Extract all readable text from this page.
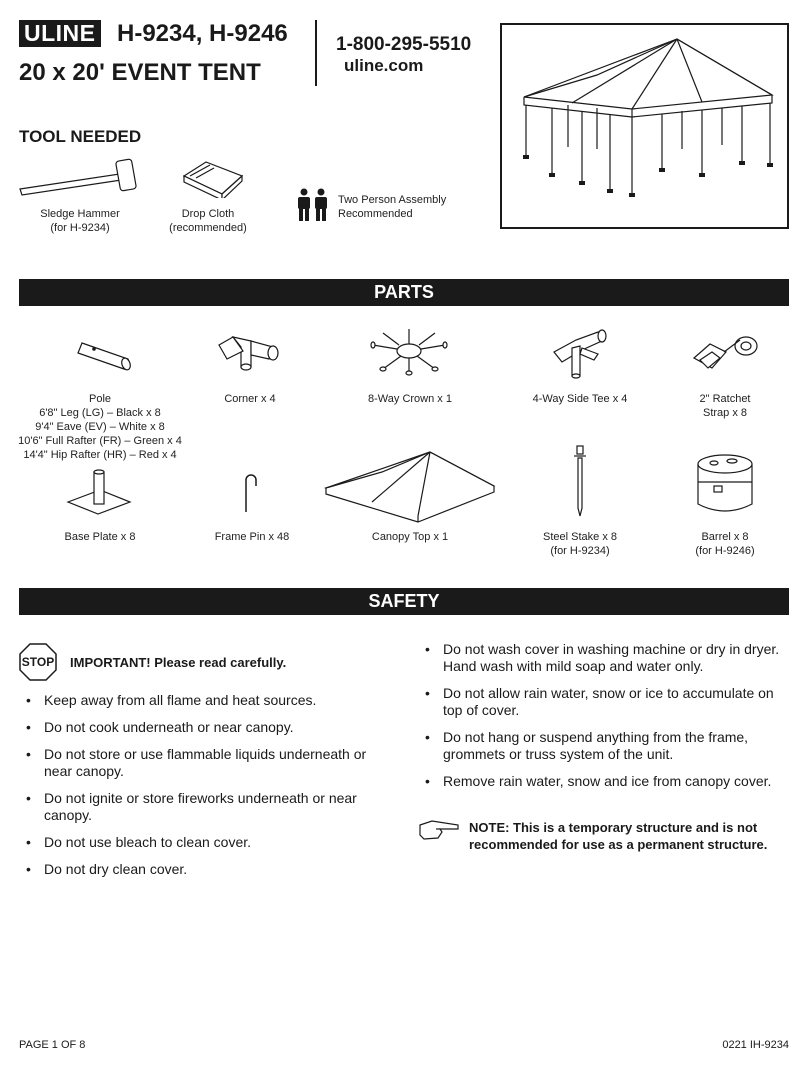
ULINE H-9234, H-9246
20 x 20' EVENT TENT
1-800-295-5510
uline.com
TOOL NEEDED
Sledge Hammer
(for H-9234)
Drop Cloth
(recommended)
Two Person Assembly
Recommended
PARTS
Pole
6'8" Leg (LG) – Black x 8
9'4" Eave (EV) – White x 8
10'6" Full Rafter (FR) – Green x 4
14'4" Hip Rafter (HR) – Red x 4
Corner x 4	8-Way Crown x 1	4-Way Side Tee x 4	2" Ratchet
Strap x 8
Base Plate x 8	Frame Pin x 48	Canopy Top x 1	Steel Stake x 8
(for H-9234)
Barrel x 8
(for H-9246)
SAFETY
STOP IMPORTANT! Please read carefully.
• Keep away from all flame and heat sources.
• Do not cook underneath or near canopy.
• Do not store or use flammable liquids underneath or near canopy.
• Do not ignite or store fireworks underneath or near canopy.
• Do not use bleach to clean cover.
• Do not dry clean cover.
• Do not wash cover in washing machine or dry in dryer. Hand wash with mild soap and water only.
• Do not allow rain water, snow or ice to accumulate on top of cover.
• Do not hang or suspend anything from the frame, grommets or truss system of the unit.
• Remove rain water, snow and ice from canopy cover.
NOTE: This is a temporary structure and is not recommended for use as a permanent structure.
PAGE 1 OF 8	0221 IH-9234
